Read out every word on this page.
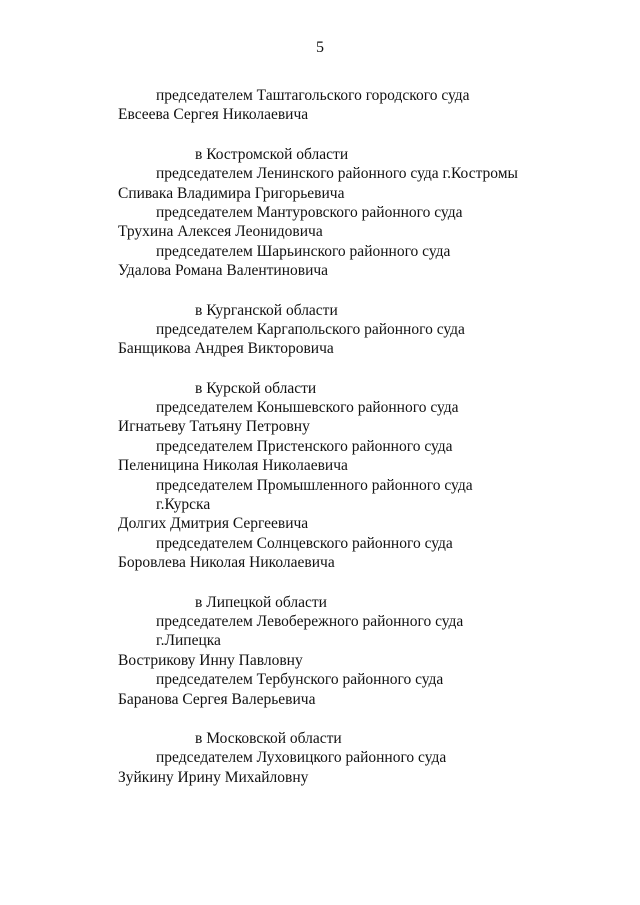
5
председателем Таштагольского городского суда
Евсеева Сергея Николаевича
в Костромской области
председателем Ленинского районного суда г.Костромы
Спивака Владимира Григорьевича
председателем Мантуровского районного суда
Трухина Алексея Леонидовича
председателем Шарьинского районного суда
Удалова Романа Валентиновича
в Курганской области
председателем Каргапольского районного суда
Банщикова Андрея Викторовича
в Курской области
председателем Конышевского районного суда
Игнатьеву Татьяну Петровну
председателем Пристенского районного суда
Пеленицина Николая Николаевича
председателем Промышленного районного суда
г.Курска
Долгих Дмитрия Сергеевича
председателем Солнцевского районного суда
Боровлева Николая Николаевича
в Липецкой области
председателем Левобережного районного суда
г.Липецка
Вострикову Инну Павловну
председателем Тербунского районного суда
Баранова Сергея Валерьевича
в Московской области
председателем Луховицкого районного суда
Зуйкину Ирину Михайловну
